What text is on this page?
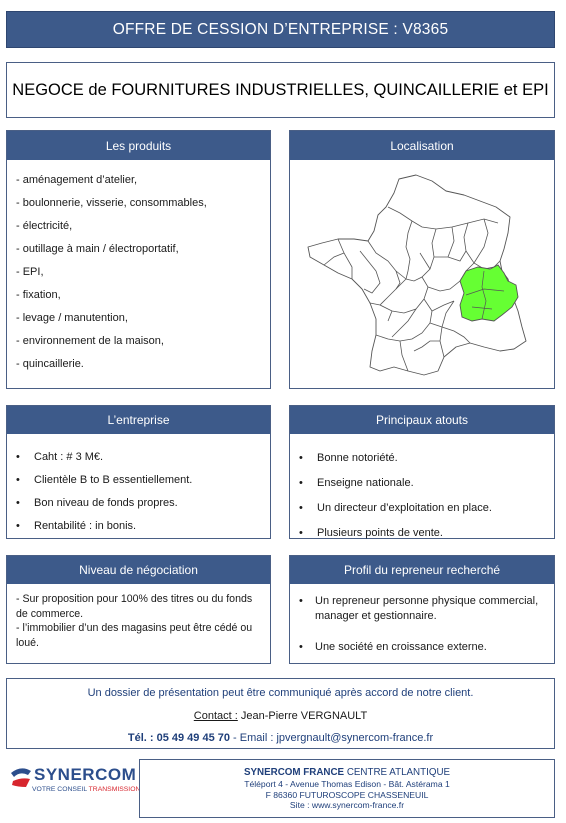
OFFRE DE CESSION D’ENTREPRISE : V8365
NEGOCE de FOURNITURES INDUSTRIELLES, QUINCAILLERIE et EPI
Les produits
- aménagement d’atelier,
- boulonnerie, visserie, consommables,
- électricité,
- outillage à main / électroportatif,
- EPI,
- fixation,
- levage / manutention,
- environnement de la maison,
- quincaillerie.
Localisation
L’entreprise
•	Caht : # 3 M€.
•	Clientèle B to B essentiellement.
•	Bon niveau de fonds propres.
•	Rentabilité : in bonis.
Principaux atouts
•	Bonne notoriété.
•	Enseigne nationale.
•	Un directeur d’exploitation en place.
•	Plusieurs points de vente.
Niveau de négociation
- Sur proposition pour 100% des titres ou du fonds de commerce.
- l’immobilier d’un des magasins peut être cédé ou loué.
Profil du repreneur recherché
•	Un repreneur personne physique commercial, manager et gestionnaire.
•	Une société en croissance externe.
Un dossier de présentation peut être communiqué après accord de notre client.
Contact : Jean-Pierre VERGNAULT
Tél. : 05 49 49 45 70 - Email : jpvergnault@synercom-france.fr
SYNERCOM
VOTRE CONSEIL TRANSMISSION
SYNERCOM FRANCE CENTRE ATLANTIQUE
Téléport 4 - Avenue Thomas Edison - Bât. Astérama 1
F 86360 FUTUROSCOPE CHASSENEUIL
Site : www.synercom-france.fr
